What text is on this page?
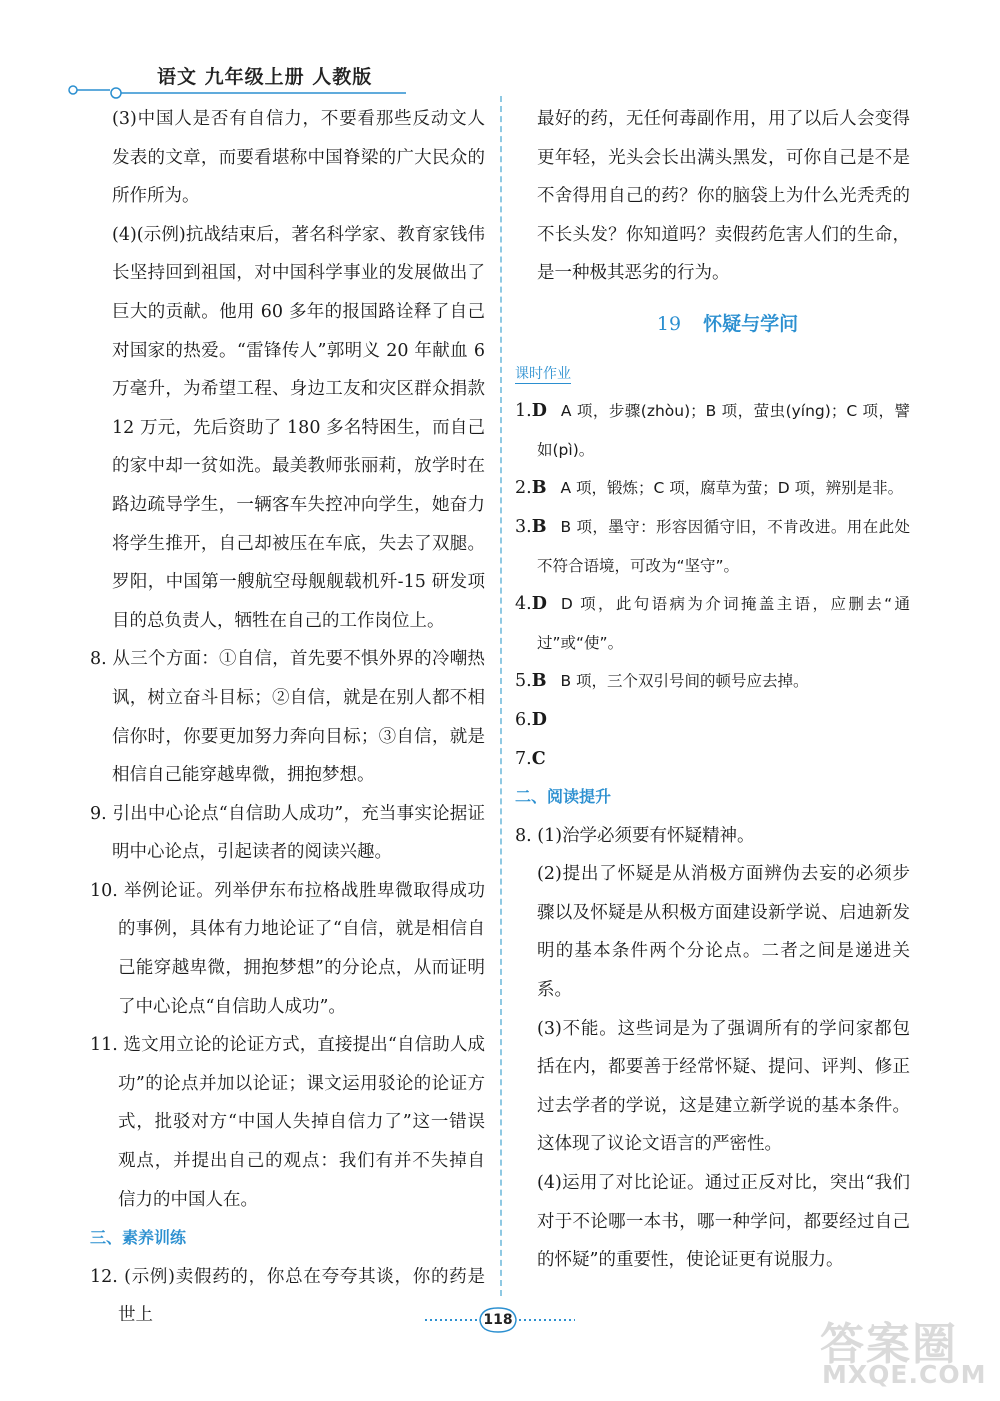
语文 九年级上册 人教版

(3)中国人是否有自信力，不要看那些反动文人发表的文章，而要看堪称中国脊梁的广大民众的所作所为。

(4)(示例)抗战结束后，著名科学家、教育家钱伟长坚持回到祖国，对中国科学事业的发展做出了巨大的贡献。他用 60 多年的报国路诠释了自己对国家的热爱。“雷锋传人”郭明义 20 年献血 6 万毫升，为希望工程、身边工友和灾区群众捐款 12 万元，先后资助了 180 多名特困生，而自己的家中却一贫如洗。最美教师张丽莉，放学时在路边疏导学生，一辆客车失控冲向学生，她奋力将学生推开，自己却被压在车底，失去了双腿。罗阳，中国第一艘航空母舰舰载机歼-15 研发项目的总负责人，牺牲在自己的工作岗位上。

8. 从三个方面：①自信，首先要不惧外界的冷嘲热讽，树立奋斗目标；②自信，就是在别人都不相信你时，你要更加努力奔向目标；③自信，就是相信自己能穿越卑微，拥抱梦想。

9. 引出中心论点“自信助人成功”，充当事实论据证明中心论点，引起读者的阅读兴趣。

10. 举例论证。列举伊东布拉格战胜卑微取得成功的事例，具体有力地论证了“自信，就是相信自己能穿越卑微，拥抱梦想”的分论点，从而证明了中心论点“自信助人成功”。

11. 选文用立论的论证方式，直接提出“自信助人成功”的论点并加以论证；课文运用驳论的论证方式，批驳对方“中国人失掉自信力了”这一错误观点，并提出自己的观点：我们有并不失掉自信力的中国人在。

三、素养训练

12. (示例)卖假药的，你总在夸夸其谈，你的药是世上

最好的药，无任何毒副作用，用了以后人会变得更年轻，光头会长出满头黑发，可你自己是不是不舍得用自己的药？你的脑袋上为什么光秃秃的不长头发？你知道吗？卖假药危害人们的生命，是一种极其恶劣的行为。

19 怀疑与学问
课时作业

1.D A 项，步骤(zhòu)；B 项，萤虫(yíng)；C 项，譬如(pì)。

2.B A 项，锻炼；C 项，腐草为萤；D 项，辨别是非。

3.B B 项，墨守：形容因循守旧，不肯改进。用在此处不符合语境，可改为“坚守”。

4.D D 项，此句语病为介词掩盖主语，应删去“通过”或“使”。

5.B B 项，三个双引号间的顿号应去掉。

6.D

7.C

二、阅读提升

8. (1)治学必须要有怀疑精神。

(2)提出了怀疑是从消极方面辨伪去妄的必须步骤以及怀疑是从积极方面建设新学说、启迪新发明的基本条件两个分论点。二者之间是递进关系。

(3)不能。这些词是为了强调所有的学问家都包括在内，都要善于经常怀疑、提问、评判、修正过去学者的学说，这是建立新学说的基本条件。这体现了议论文语言的严密性。

(4)运用了对比论证。通过正反对比，突出“我们对于不论哪一本书，哪一种学问，都要经过自己的怀疑”的重要性，使论证更有说服力。

118	答案圈
MXQE.COM
